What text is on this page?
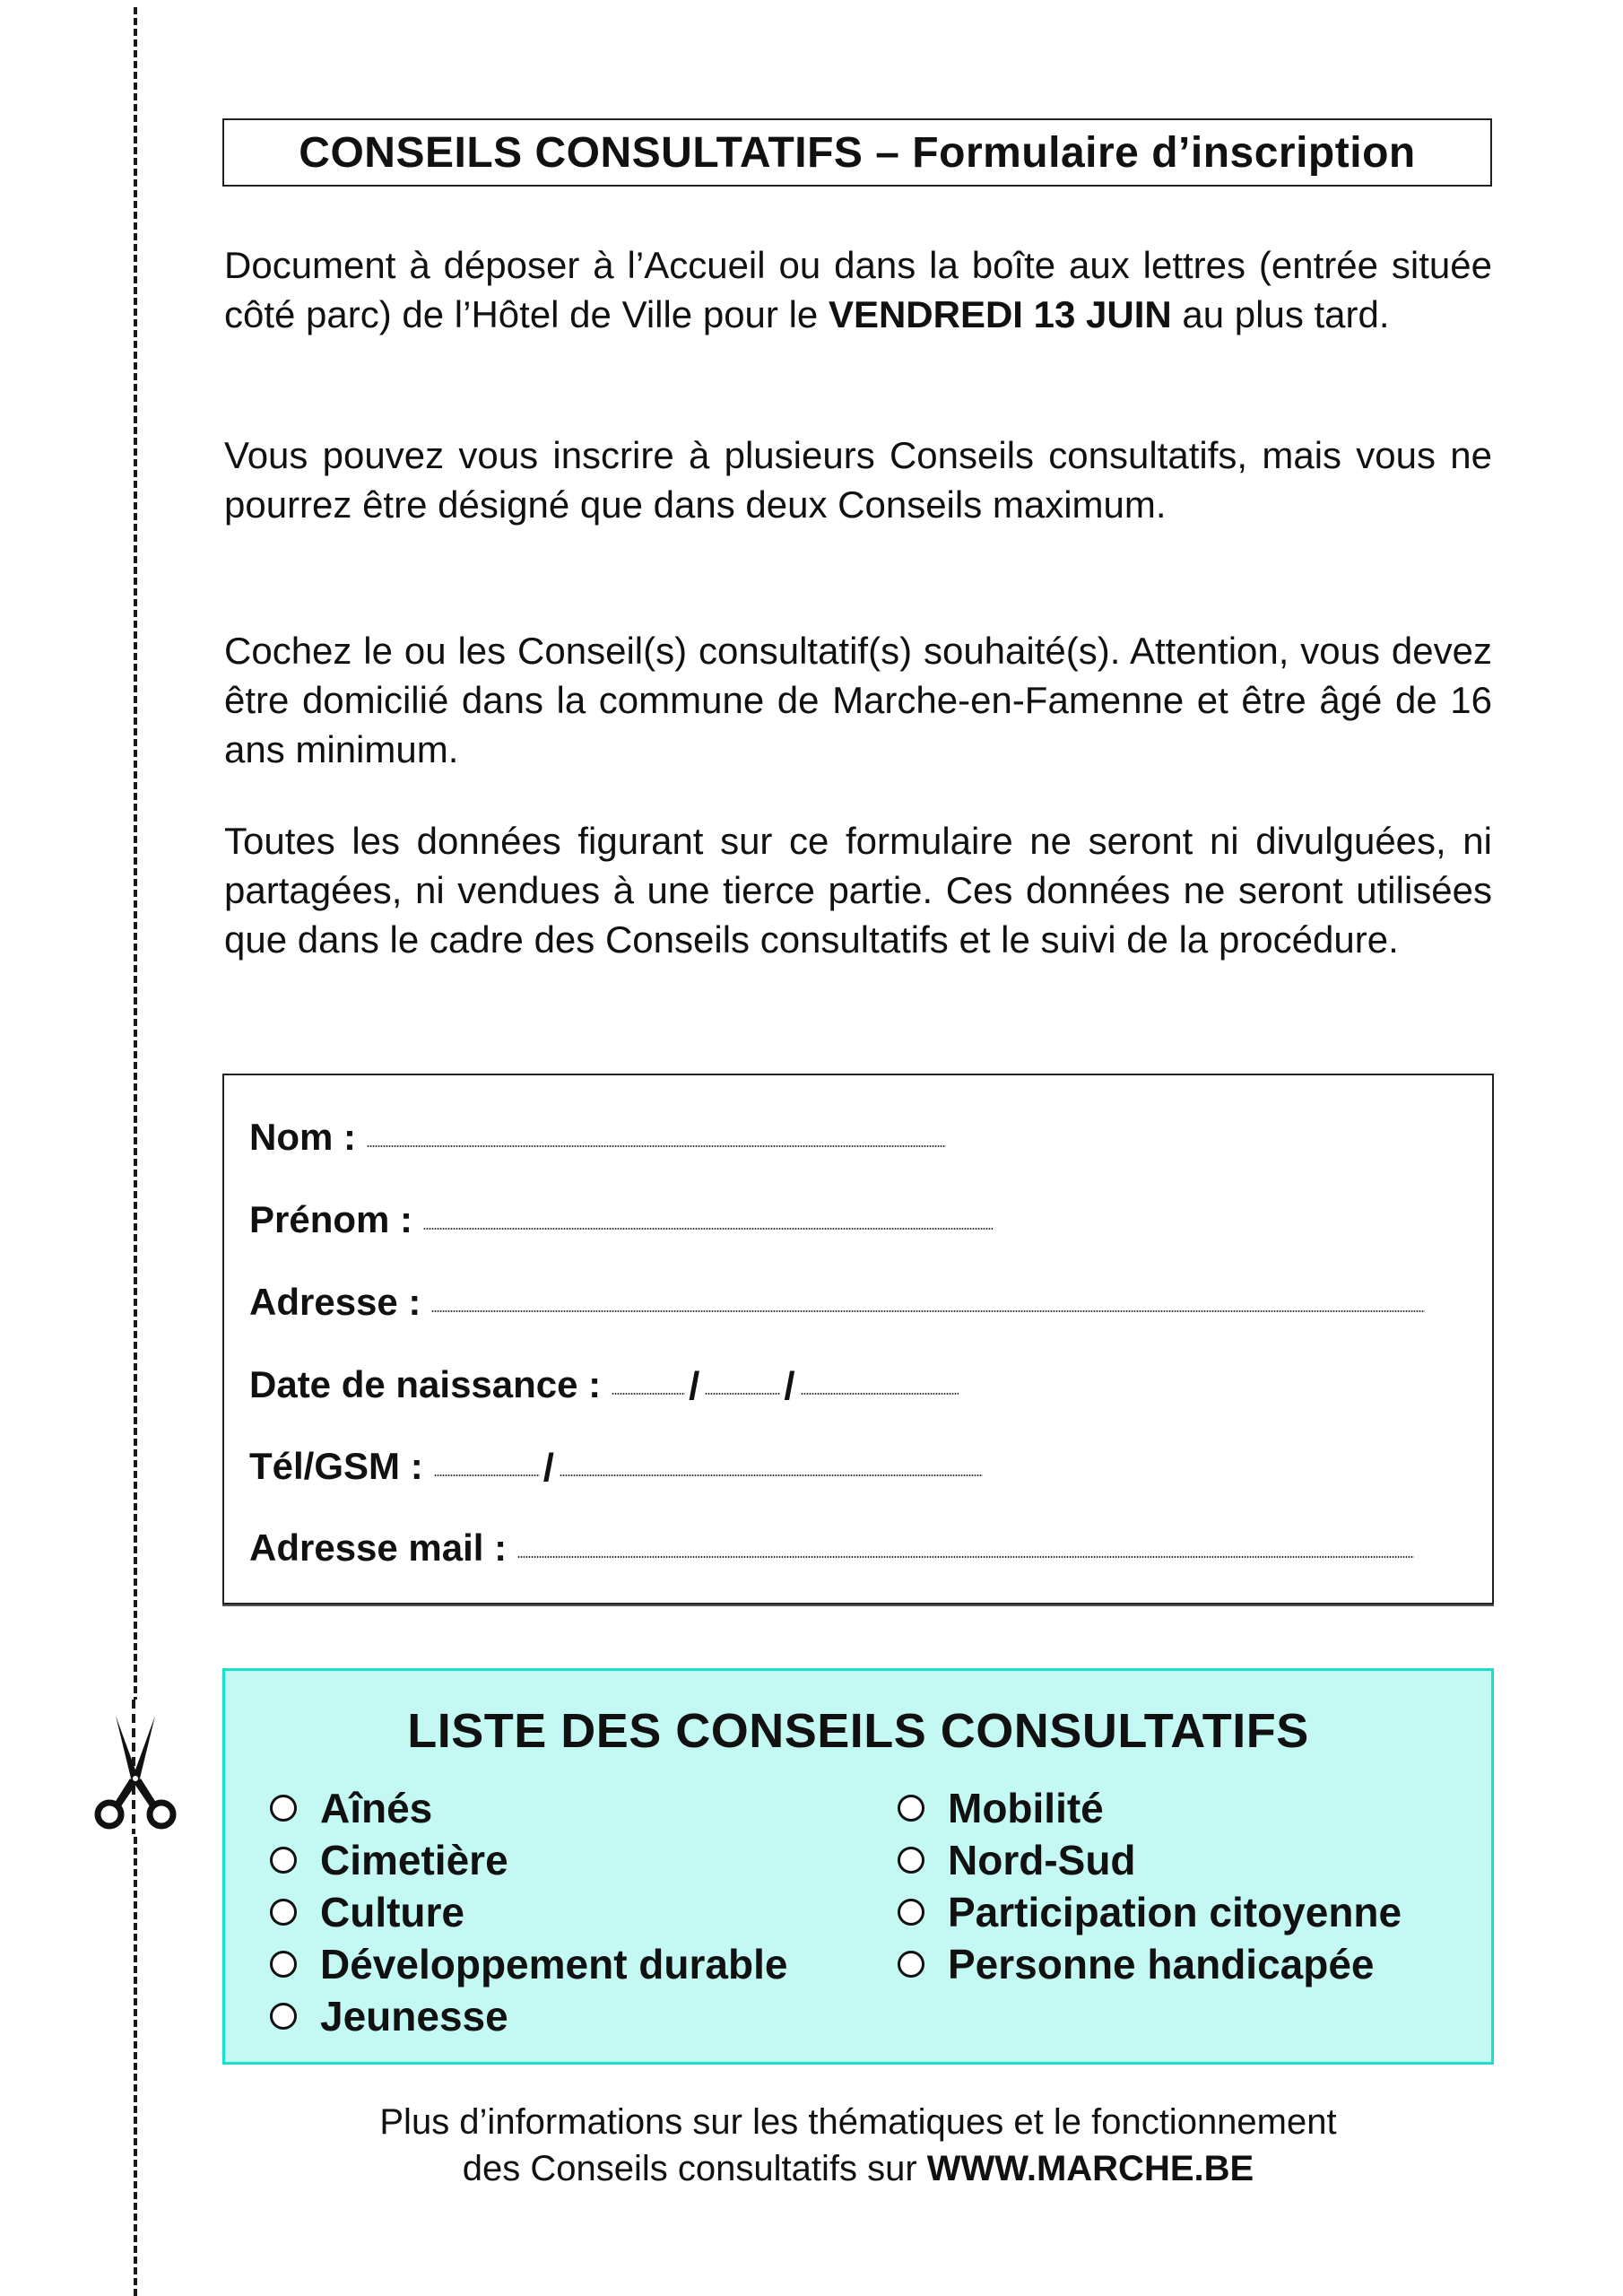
CONSEILS CONSULTATIFS – Formulaire d’inscription
Document à déposer à l’Accueil ou dans la boîte aux lettres (entrée située côté parc) de l’Hôtel de Ville pour le VENDREDI 13 JUIN au plus tard.
Vous pouvez vous inscrire à plusieurs Conseils consultatifs, mais vous ne pourrez être désigné que dans deux Conseils maximum.
Cochez le ou les Conseil(s) consultatif(s) souhaité(s). Attention, vous devez être domicilié dans la commune de Marche-en-Famenne et être âgé de 16 ans minimum.
Toutes les données figurant sur ce formulaire ne seront ni divulguées, ni partagées, ni vendues à une tierce partie. Ces données ne seront utilisées que dans le cadre des Conseils consultatifs et le suivi de la procédure.
Nom :
Prénom :
Adresse :
Date de naissance : / /
Tél/GSM :	/
Adresse mail :
LISTE DES CONSEILS CONSULTATIFS
Aînés
Cimetière
Culture
Développement durable
Jeunesse
Mobilité
Nord-Sud
Participation citoyenne
Personne handicapée
Plus d’informations sur les thématiques et le fonctionnement
des Conseils consultatifs sur WWW.MARCHE.BE
